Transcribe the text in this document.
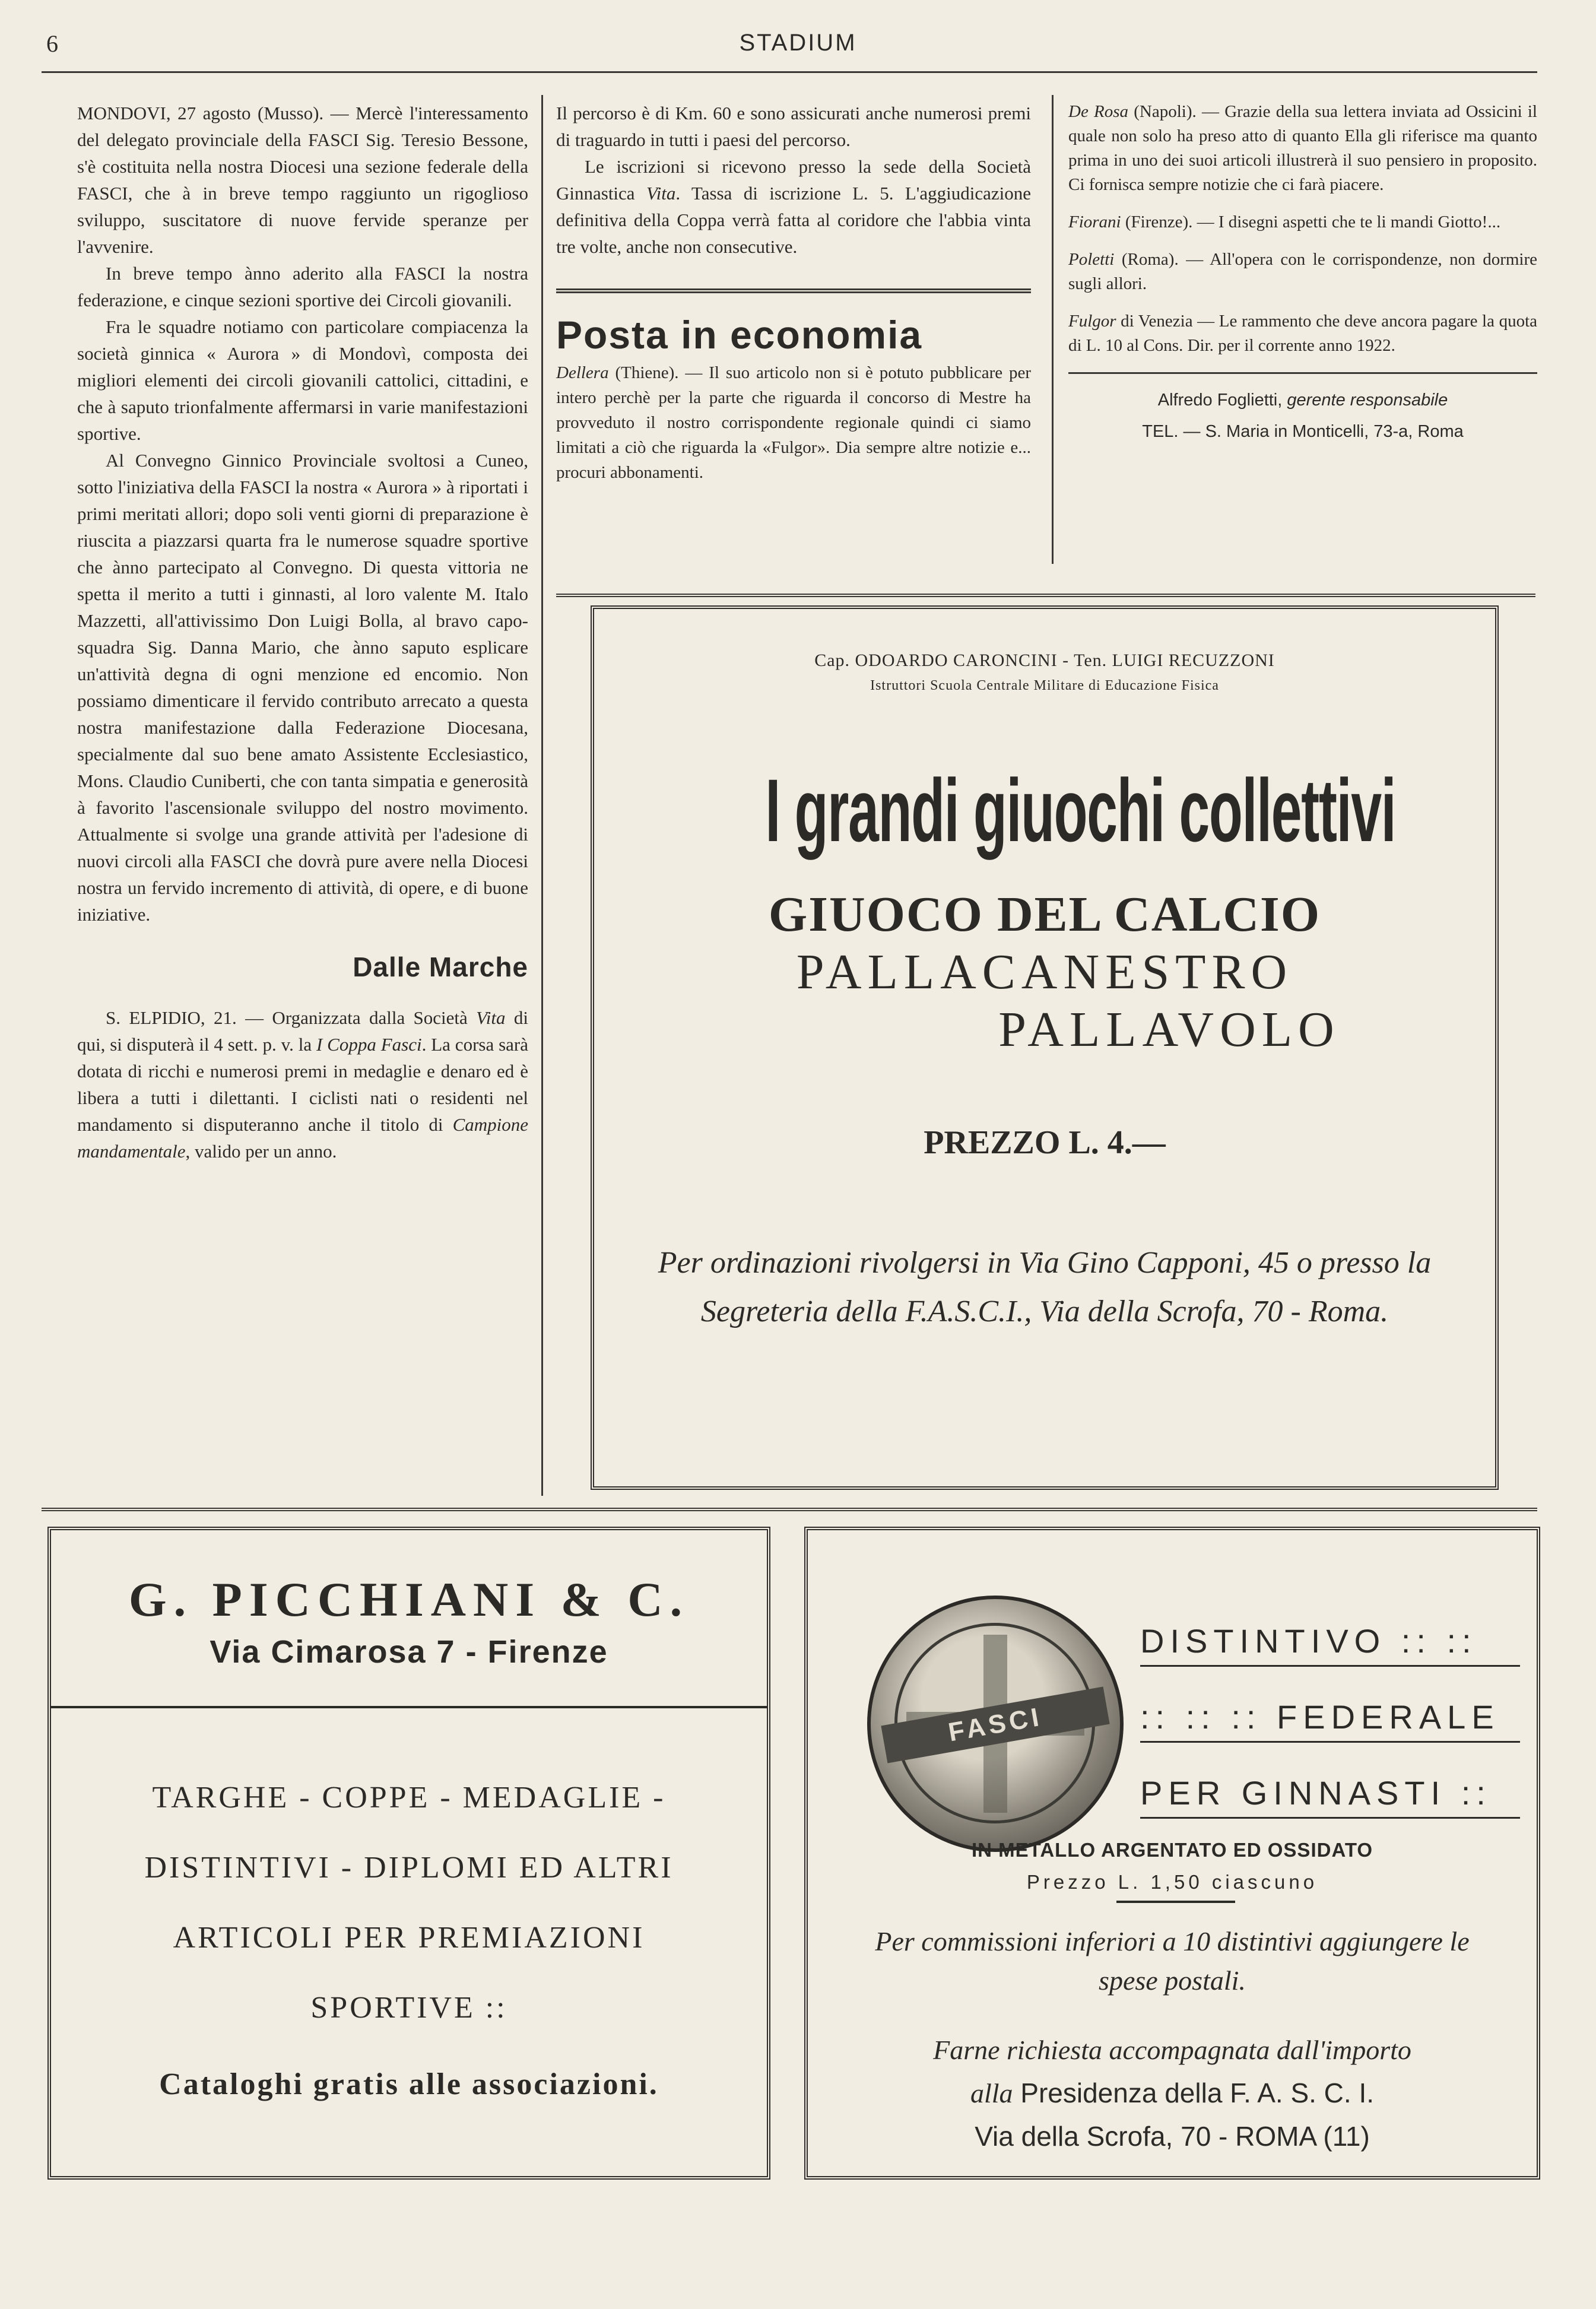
6	STADIUM

MONDOVI, 27 agosto (Musso). — Mercè l'interessamento del delegato provinciale della FASCI Sig. Teresio Bessone, s'è costituita nella nostra Diocesi una sezione federale della FASCI, che à in breve tempo raggiunto un rigoglioso sviluppo, suscitatore di nuove fervide speranze per l'avvenire.

In breve tempo ànno aderito alla FASCI la nostra federazione, e cinque sezioni sportive dei Circoli giovanili.

Fra le squadre notiamo con particolare compiacenza la società ginnica « Aurora » di Mondovì, composta dei migliori elementi dei circoli giovanili cattolici, cittadini, e che à saputo trionfalmente affermarsi in varie manifestazioni sportive.

Al Convegno Ginnico Provinciale svoltosi a Cuneo, sotto l'iniziativa della FASCI la nostra « Aurora » à riportati i primi meritati allori; dopo soli venti giorni di preparazione è riuscita a piazzarsi quarta fra le numerose squadre sportive che ànno partecipato al Convegno. Di questa vittoria ne spetta il merito a tutti i ginnasti, al loro valente M. Italo Mazzetti, all'attivissimo Don Luigi Bolla, al bravo capo-squadra Sig. Danna Mario, che ànno saputo esplicare un'attività degna di ogni menzione ed encomio. Non possiamo dimenticare il fervido contributo arrecato a questa nostra manifestazione dalla Federazione Diocesana, specialmente dal suo bene amato Assistente Ecclesiastico, Mons. Claudio Cuniberti, che con tanta simpatia e generosità à favorito l'ascensionale sviluppo del nostro movimento. Attualmente si svolge una grande attività per l'adesione di nuovi circoli alla FASCI che dovrà pure avere nella Diocesi nostra un fervido incremento di attività, di opere, e di buone iniziative.

Dalle Marche

S. ELPIDIO, 21. — Organizzata dalla Società Vita di qui, si disputerà il 4 sett. p. v. la I Coppa Fasci. La corsa sarà dotata di ricchi e numerosi premi in medaglie e denaro ed è libera a tutti i dilettanti. I ciclisti nati o residenti nel mandamento si disputeranno anche il titolo di Campione mandamentale, valido per un anno.

Il percorso è di Km. 60 e sono assicurati anche numerosi premi di traguardo in tutti i paesi del percorso.

Le iscrizioni si ricevono presso la sede della Società Ginnastica Vita. Tassa di iscrizione L. 5. L'aggiudicazione definitiva della Coppa verrà fatta al coridore che l'abbia vinta tre volte, anche non consecutive.

Posta in economia

Dellera (Thiene). — Il suo articolo non si è potuto pubblicare per intero perchè per la parte che riguarda il concorso di Mestre ha provveduto il nostro corrispondente regionale quindi ci siamo limitati a ciò che riguarda la «Fulgor». Dia sempre altre notizie e... procuri abbonamenti.

De Rosa (Napoli). — Grazie della sua lettera inviata ad Ossicini il quale non solo ha preso atto di quanto Ella gli riferisce ma quanto prima in uno dei suoi articoli illustrerà il suo pensiero in proposito. Ci fornisca sempre notizie che ci farà piacere.

Fiorani (Firenze). — I disegni aspetti che te li mandi Giotto!...

Poletti (Roma). — All'opera con le corrispondenze, non dormire sugli allori.

Fulgor di Venezia — Le rammento che deve ancora pagare la quota di L. 10 al Cons. Dir. per il corrente anno 1922.

Alfredo Foglietti, gerente responsabile

TEL. — S. Maria in Monticelli, 73-a, Roma

Cap. ODOARDO CARONCINI - Ten. LUIGI RECUZZONI
Istruttori Scuola Centrale Militare di Educazione Fisica
I grandi giuochi collettivi
GIUOCO DEL CALCIO
PALLACANESTRO
PALLAVOLO
PREZZO L. 4.—
Per ordinazioni rivolgersi in Via Gino Capponi, 45 o presso la Segreteria della F.A.S.C.I., Via della Scrofa, 70 - Roma.
G. PICCHIANI & C.
Via Cimarosa 7 - Firenze
TARGHE - COPPE - MEDAGLIE - DISTINTIVI - DIPLOMI ED ALTRI ARTICOLI PER PREMIAZIONI SPORTIVE ::
Cataloghi gratis alle associazioni.
FASCI
DISTINTIVO :: ::
:: :: :: FEDERALE
PER GINNASTI ::
IN METALLO ARGENTATO ED OSSIDATO
Prezzo L. 1,50 ciascuno
Per commissioni inferiori a 10 distintivi aggiungere le spese postali.
Farne richiesta accompagnata dall'importo
alla Presidenza della F. A. S. C. I.
Via della Scrofa, 70 - ROMA (11)
